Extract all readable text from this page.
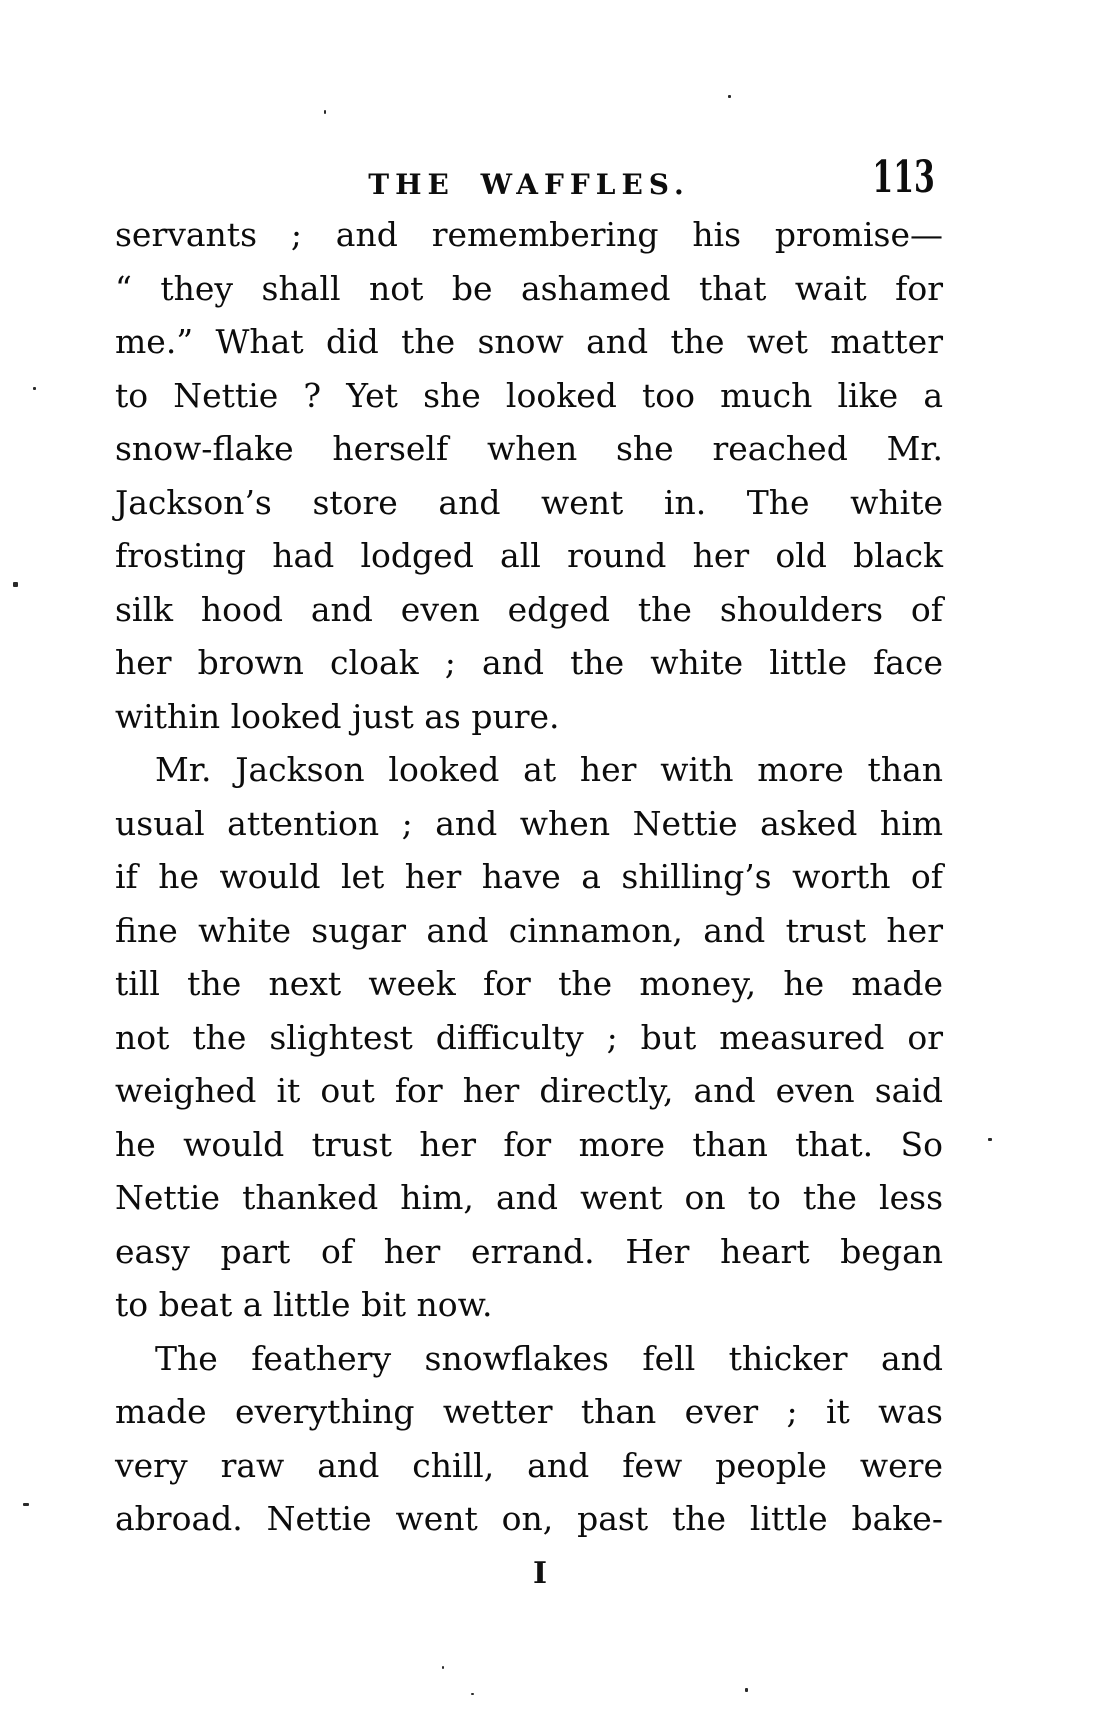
THE WAFFLES.	113
servants ; and remembering his promise—
“ they shall not be ashamed that wait for
me.” What did the snow and the wet matter
to Nettie ? Yet she looked too much like a
snow-flake herself when she reached Mr.
Jackson’s store and went in. The white
frosting had lodged all round her old black
silk hood and even edged the shoulders of
her brown cloak ; and the white little face
within looked just as pure.
Mr. Jackson looked at her with more than
usual attention ; and when Nettie asked him
if he would let her have a shilling’s worth of
fine white sugar and cinnamon, and trust her
till the next week for the money, he made
not the slightest difficulty ; but measured or
weighed it out for her directly, and even said
he would trust her for more than that. So
Nettie thanked him, and went on to the less
easy part of her errand. Her heart began
to beat a little bit now.
The feathery snowflakes fell thicker and
made everything wetter than ever ; it was
very raw and chill, and few people were
abroad. Nettie went on, past the little bake-
I
